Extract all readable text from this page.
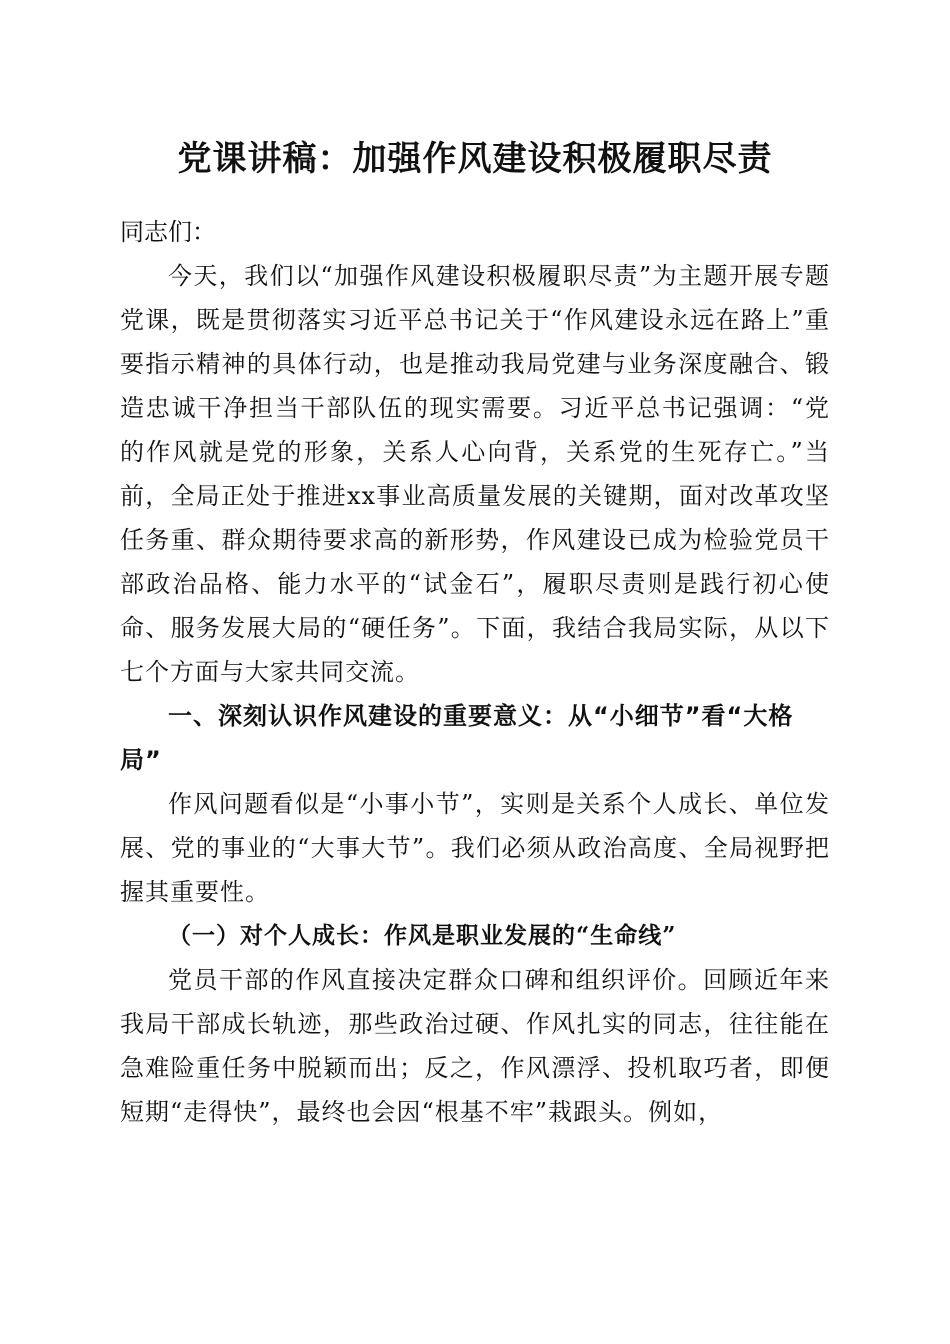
党课讲稿：加强作风建设积极履职尽责

同志们：

今天，我们以“加强作风建设积极履职尽责”为主题开展专题党课，既是贯彻落实习近平总书记关于“作风建设永远在路上”重要指示精神的具体行动，也是推动我局党建与业务深度融合、锻造忠诚干净担当干部队伍的现实需要。习近平总书记强调：“党的作风就是党的形象，关系人心向背，关系党的生死存亡。”当前，全局正处于推进xx事业高质量发展的关键期，面对改革攻坚任务重、群众期待要求高的新形势，作风建设已成为检验党员干部政治品格、能力水平的“试金石”，履职尽责则是践行初心使命、服务发展大局的“硬任务”。下面，我结合我局实际，从以下七个方面与大家共同交流。

一、深刻认识作风建设的重要意义：从“小细节”看“大格局”

作风问题看似是“小事小节”，实则是关系个人成长、单位发展、党的事业的“大事大节”。我们必须从政治高度、全局视野把握其重要性。

（一）对个人成长：作风是职业发展的“生命线”

党员干部的作风直接决定群众口碑和组织评价。回顾近年来我局干部成长轨迹，那些政治过硬、作风扎实的同志，往往能在急难险重任务中脱颖而出；反之，作风漂浮、投机取巧者，即便短期“走得快”，最终也会因“根基不牢”栽跟头。例如，
